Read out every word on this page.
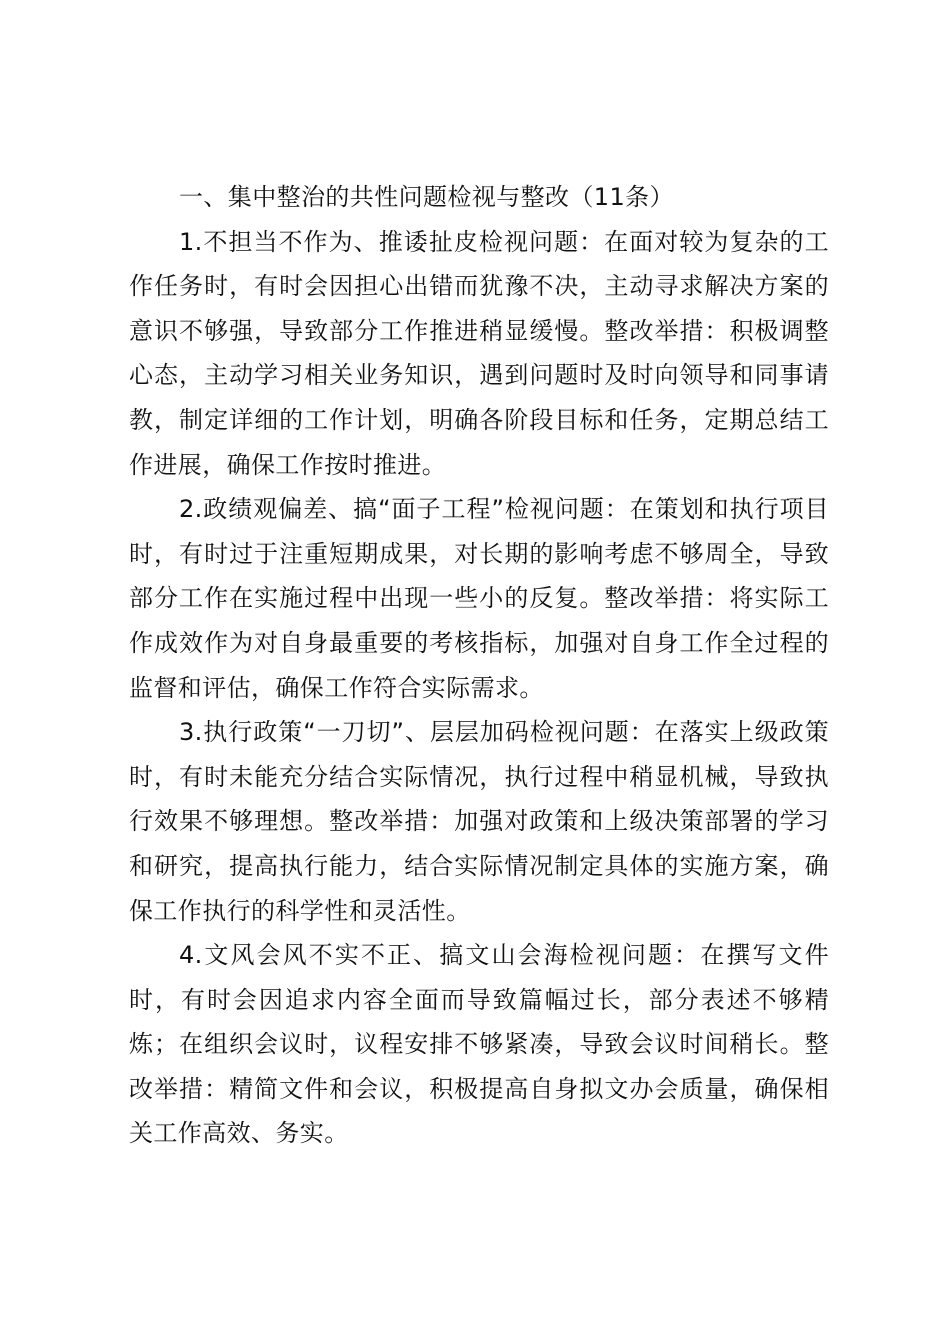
一、集中整治的共性问题检视与整改（11条）

1.不担当不作为、推诿扯皮检视问题：在面对较为复杂的工作任务时，有时会因担心出错而犹豫不决，主动寻求解决方案的意识不够强，导致部分工作推进稍显缓慢。整改举措：积极调整心态，主动学习相关业务知识，遇到问题时及时向领导和同事请教，制定详细的工作计划，明确各阶段目标和任务，定期总结工作进展，确保工作按时推进。

2.政绩观偏差、搞“面子工程”检视问题：在策划和执行项目时，有时过于注重短期成果，对长期的影响考虑不够周全，导致部分工作在实施过程中出现一些小的反复。整改举措：将实际工作成效作为对自身最重要的考核指标，加强对自身工作全过程的监督和评估，确保工作符合实际需求。

3.执行政策“一刀切”、层层加码检视问题：在落实上级政策时，有时未能充分结合实际情况，执行过程中稍显机械，导致执行效果不够理想。整改举措：加强对政策和上级决策部署的学习和研究，提高执行能力，结合实际情况制定具体的实施方案，确保工作执行的科学性和灵活性。

4.文风会风不实不正、搞文山会海检视问题：在撰写文件时，有时会因追求内容全面而导致篇幅过长，部分表述不够精炼；在组织会议时，议程安排不够紧凑，导致会议时间稍长。整改举措：精简文件和会议，积极提高自身拟文办会质量，确保相关工作高效、务实。
